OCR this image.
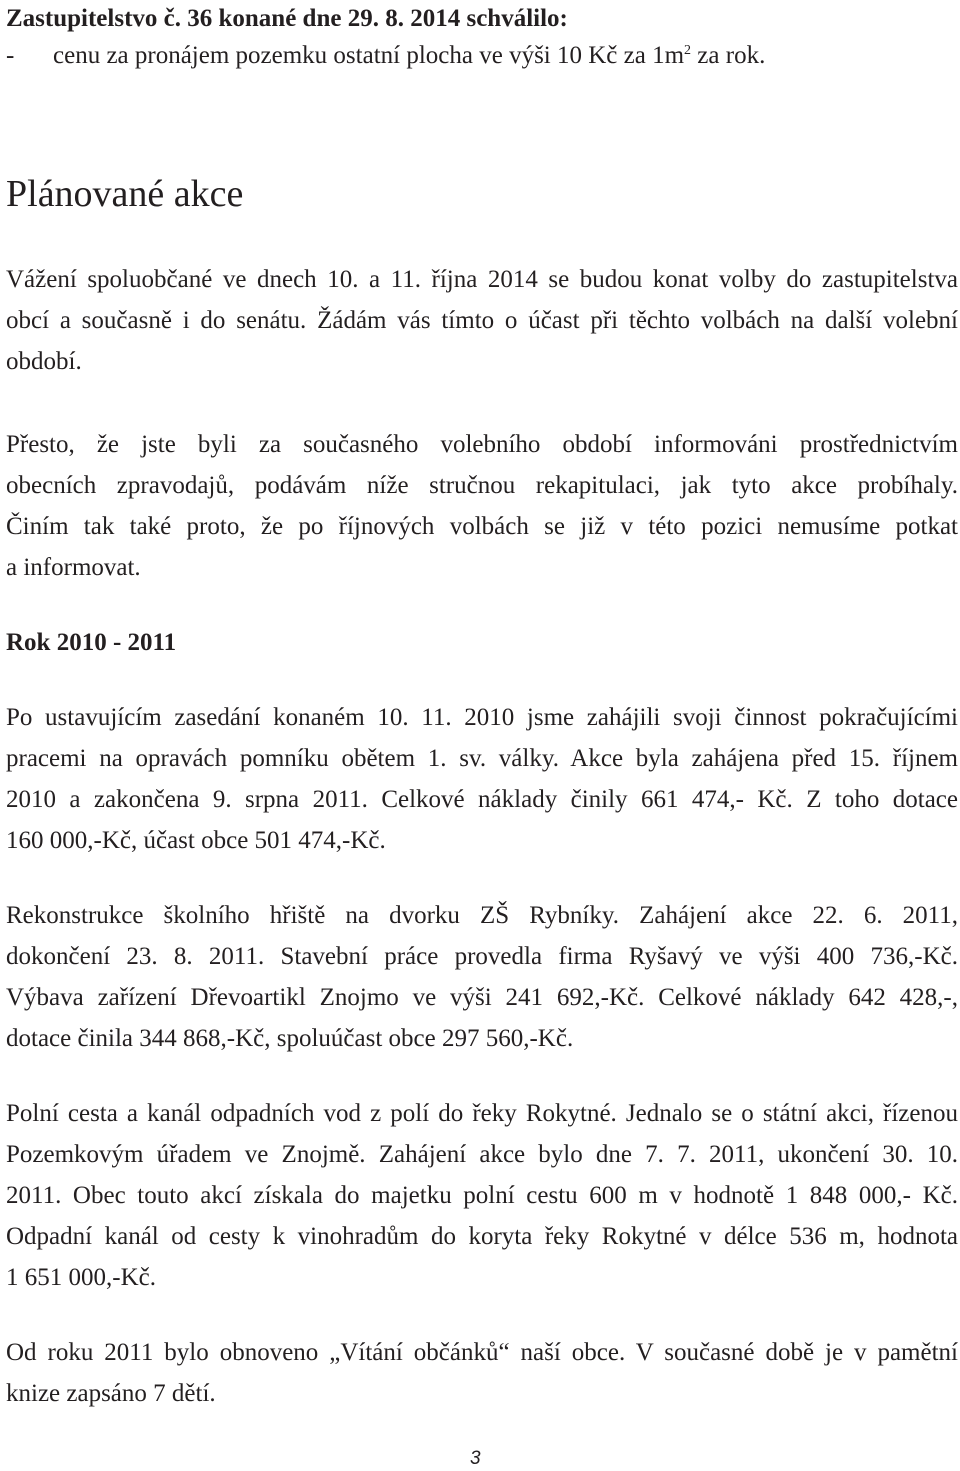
Zastupitelstvo č. 36 konané dne 29. 8. 2014 schválilo:
- cenu za pronájem pozemku ostatní plocha ve výši 10 Kč za $1m^2$ za rok.
Plánované akce
Vážení spoluobčané ve dnech 10. a 11. října 2014 se budou konat volby do zastupitelstva
obcí a současně i do senátu. Žádám vás tímto o účast při těchto volbách na další volební
období.
Přesto, že jste byli za současného volebního období informováni prostřednictvím
obecních zpravodajů, podávám níže stručnou rekapitulaci, jak tyto akce probíhaly.
Činím tak také proto, že po říjnových volbách se již v této pozici nemusíme potkat
a informovat.
Rok 2010 - 2011
Po ustavujícím zasedání konaném 10. 11. 2010 jsme zahájili svoji činnost pokračujícími
pracemi na opravách pomníku obětem 1. sv. války. Akce byla zahájena před 15. říjnem
2010 a zakončena 9. srpna 2011. Celkové náklady činily 661 474,- Kč. Z toho dotace
160 000,-Kč, účast obce 501 474,-Kč.
Rekonstrukce školního hřiště na dvorku ZŠ Rybníky. Zahájení akce 22. 6. 2011,
dokončení 23. 8. 2011. Stavební práce provedla firma Ryšavý ve výši 400 736,-Kč.
Výbava zařízení Dřevoartikl Znojmo ve výši 241 692,-Kč. Celkové náklady 642 428,-,
dotace činila 344 868,-Kč, spoluúčast obce 297 560,-Kč.
Polní cesta a kanál odpadních vod z polí do řeky Rokytné. Jednalo se o státní akci, řízenou
Pozemkovým úřadem ve Znojmě. Zahájení akce bylo dne 7. 7. 2011, ukončení 30. 10.
2011. Obec touto akcí získala do majetku polní cestu 600 m v hodnotě 1 848 000,- Kč.
Odpadní kanál od cesty k vinohradům do koryta řeky Rokytné v délce 536 m, hodnota
1 651 000,-Kč.
Od roku 2011 bylo obnoveno „Vítání občánků“ naší obce. V současné době je v pamětní
knize zapsáno 7 dětí.
3
